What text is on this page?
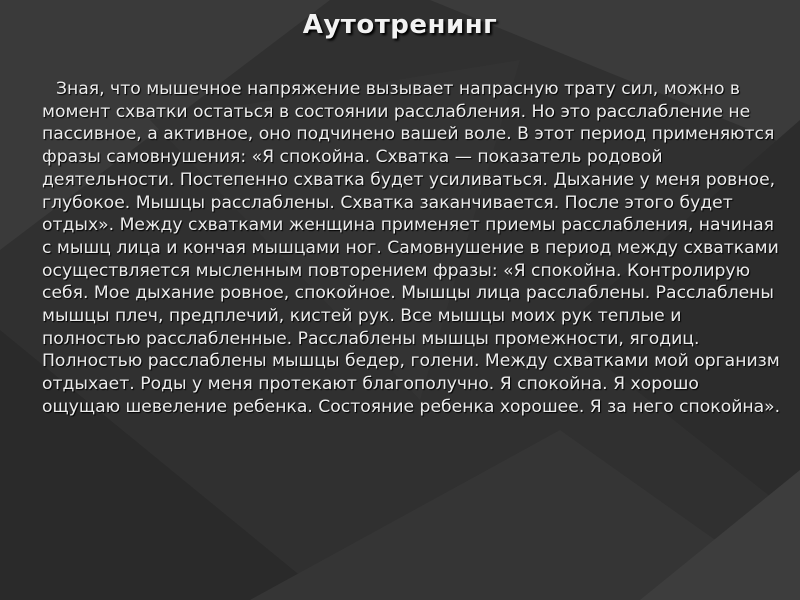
Аутотренинг

Зная, что мышечное напряжение вызывает напрасную трату сил, можно в момент схватки остаться в состоянии расслабления. Но это расслабление не пассивное, а активное, оно подчинено вашей воле. В этот период применяются фразы самовнушения: «Я спокойна. Схватка — показатель родовой деятельности. Постепенно схватка будет усиливаться. Дыхание у меня ровное, глубокое. Мышцы расслаблены. Схватка заканчивается. После этого будет отдых». Между схватками женщина применяет приемы расслабления, начиная с мышц лица и кончая мышцами ног. Самовнушение в период между схватками осуществляется мысленным повторением фразы: «Я спокойна. Контролирую себя. Мое дыхание ровное, спокойное. Мышцы лица расслаблены. Расслаблены мышцы плеч, предплечий, кистей рук. Все мышцы моих рук теплые и полностью расслабленные. Расслаблены мышцы промежности, ягодиц. Полностью расслаблены мышцы бедер, голени. Между схватками мой организм отдыхает. Роды у меня протекают благополучно. Я спокойна. Я хорошо ощущаю шевеление ребенка. Состояние ребенка хорошее. Я за него спокойна».
